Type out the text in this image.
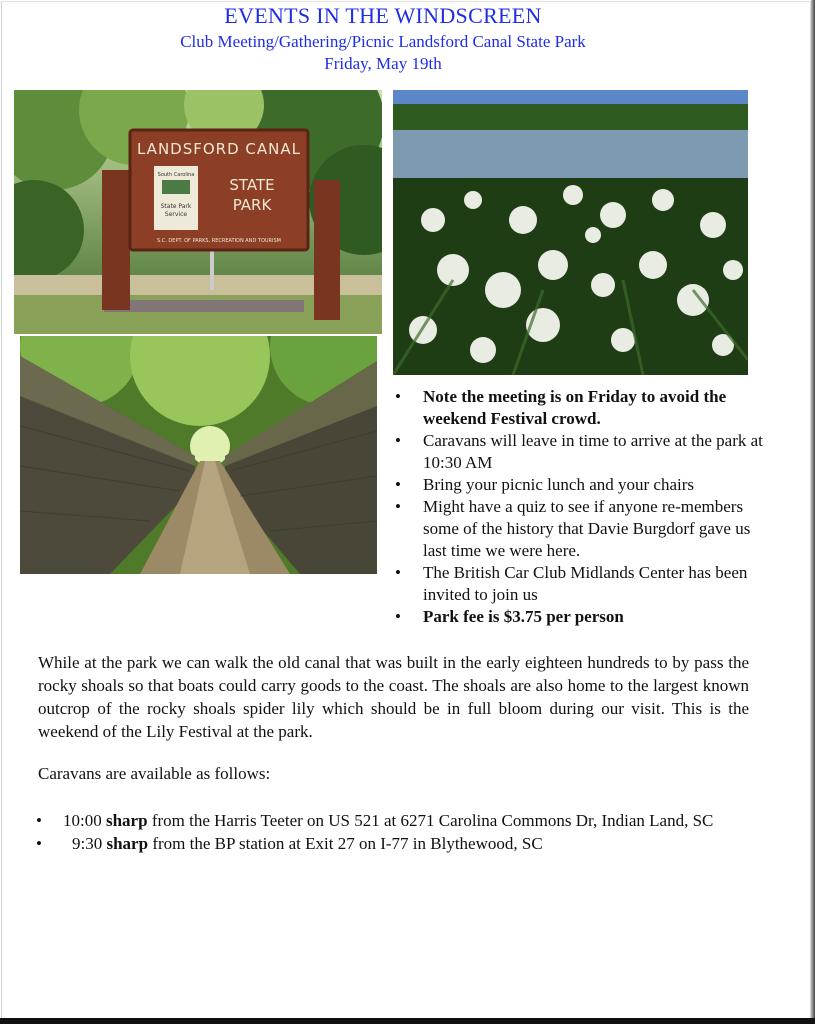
EVENTS IN THE WINDSCREEN
Club Meeting/Gathering/Picnic Landsford Canal State Park
Friday, May 19th
LANDSFORD CANAL
STATE
PARK
South Carolina
State Park
Service
S.C. DEPT. OF PARKS, RECREATION AND TOURISM
• Note the meeting is on Friday to avoid the weekend Festival crowd.
• Caravans will leave in time to arrive at the park at 10:30 AM
• Bring your picnic lunch and your chairs
• Might have a quiz to see if anyone re-members some of the history that Davie Burgdorf gave us last time we were here.
• The British Car Club Midlands Center has been invited to join us
• Park fee is $3.75 per person

While at the park we can walk the old canal that was built in the early eighteen hundreds to by pass the rocky shoals so that boats could carry goods to the coast. The shoals are also home to the largest known outcrop of the rocky shoals spider lily which should be in full bloom during our visit. This is the weekend of the Lily Festival at the park.

Caravans are available as follows:

• 10:00 sharp from the Harris Teeter on US 521 at 6271 Carolina Commons Dr, Indian Land, SC
• 9:30 sharp from the BP station at Exit 27 on I-77 in Blythewood, SC
